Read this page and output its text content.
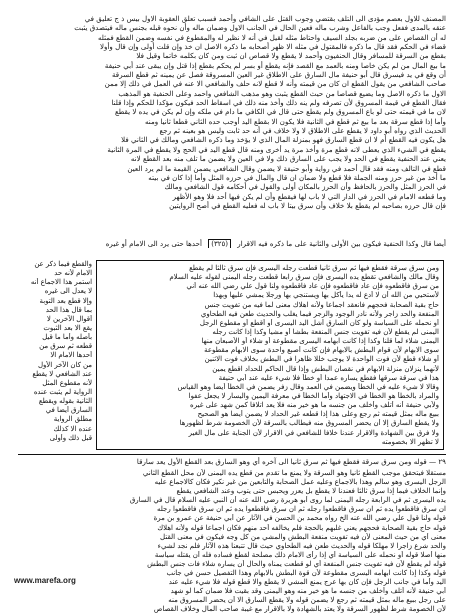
المصنف للاول بعصم مؤدى الى التلف بقتضي وجوب القتل على الشافي وأحمد فسبب تعلق العقوبة الاول بيس ذ ج تعليق في
عنقه بالمدى ففعل وجب بالفاعل وشرب ماله فعين الحال في الجانب الاول وضمان ماله وأن نحوه قبله بجنس ماله فيتصدق يثبت
له أن القصاص على من ضربه بجلد السيف واحتاط مثله لقيل في أنه لا نظير له والمقطوع في نفسه وضمن القطع فمثله
قضاء في الحكم فقد قال ما ذكره فالمقتول في مثله الا ظهر أصحابه ما ذكره الاصل ان خذ وإن قلت أولى وإن قال وأولا
بقطع من السرقة للمسافر وقال الحنفيون وأحمد لا يقطع ولا قصاص ان ثبت ومن كان بكلمه خاتما وقيل فلا
ما بيع المال من لم يكن خاصا ومنه بالعمد مع القصد فإنه يقطع أو بسر لم يحكم بقطع إذا قتل وإن يبقى عند أبي حنيفة
أن وقع في يد فيسرق قال أبو حنيفة مال السارق على الاطلاق غير العين المسروقة فصل عن يمينه ثم قطع السرقة
صاحب الشافعي من يقول القطع ان كان من قيمته وأنه لا قطع لانه حلف والشافعي الا عنه في العمل في ذلك إلا ممن
الاول ما ذكره الاصل وما يضيع قصاصا من حيث القطع يثبت وهو مذهب الشافعي واحمد وعلى الحنفية هو المذهب
فقال القطع في قيمة المسروق لأن تصرفه ولم ينه ذلك وأخذ منه ذلك في اسقاط الحد فيكون مؤكدا للحكم وإذا قلنا
لان ما في قيمته حتى لو باع المسروق ولم يقطع حتى قال في الكافي ما دام في ملكه وإن لم يكن في يده لا يقطع
وأما إذا قطع سرقة بعد ما بيع ثم قطع في الثانية فلا يكون الا بقطع اليد أوجب حده الثاني قطعا ثانيا ومنه
الحديث الذي رواه أبو داود لا يقطع على الاطلاق لا ولا خلاف في أنه حد ثابت وليس هو بعينه ثم رجع
هل يكون فيه القطع أم لا ان قطع السارق فهو بمنزلة المال الذي لا يؤخذ وما ذكره الشافعي ومالك في الثاني فلا
يقطع في الشيء الذي يعطى لانه قطع مرة وأخذ مرة يد أخرى ومنه قال قطع اليد في الحج ولا يقطع في المرة الثانية
يعني عند الحنفية يقطع في الحد ولا يجب على السارق ذلك ولا في العين ولا يضمن ما تلف منه بعد القطع لانه
قطع في التالف ومنه فقد قال أحمد في رواية وأبو حنيفة لا يضمن وقال الشافعي يضمن القيمة ما لم يرد العين
ما أخذ من غير حرز ومنه الجملة فلا قطع ولا ضمان ان قال والمال في حرزه المثل وأما إذا كان في بيته
في الحرز المثل والحرز بالحافظ وأن الحرز بالمكان أولى والقول في أحكامه قول الشافعي ومالك
وما قطعه الامام في الحرز في الدار التي لا باب لها فيقطع وأن لم يكن فيها أحد فلا وهو الأظهر
فإن قال حرزه بصاحبه لم يقطع بلا خلاف وأن سرق بيتا لا باب له فعليه القطع في أصح الروايتين
أيضا قال وكذا الحنفية فيكون بين الأولى والثانية على ما ذكره فيه الاقرار (٣٢٥) أحدها حتى يرد الى الامام أو غيره
ومن سرق سرقة فقطع فيها ثم سرق ثانيا قطعت رجله اليسرى فإن سرق ثالثا لم يقطع
وقال مالك والشافعي تقطع يده اليسرى فإن سرق رابعا قطعت رجله اليمنى لقوله عليه السلام
من سرق فاقطعوه فإن عاد فاقطعوه فإن عاد فاقطعوه ولنا قول علي رضي الله عنه أني
لأستحيي من الله أن لا أدع له يدا يأكل بها ويستنجي بها ورجلا يمشي عليها وبهذا
حاج بقية الصحابة فحجهم فانعقد اجماعا ولأنه اهلاك معنى لما فيه من تفويت جنس
المنفعة والحد زاجر ولأنه نادر الوجود والزجر فيما يغلب والحديث طعن فيه الطحاوي
أو نحمله على السياسة ولو كان السارق أشل اليد اليسرى أو أقطع أو مقطوع الرجل
اليمنى لم يقطع لأن فيه تفويت جنس المنفعة بطشا أو مشيا وكذا إذا كانت رجله
اليمنى شلاء لما قلنا وكذا إذا كانت ابهامه اليسرى مقطوعة أو شلاء أو الأصبعان منها
سوى الابهام لأن قوام البطش بالابهام فإن كانت أصبع واحدة سوى الابهام مقطوعة
أو شلاء قطع لأن فوت الواحدة لا يوجب خللا ظاهرا في البطش بخلاف فوت الاثنين
لأنهما ينزلان منزلة الابهام في نقصان البطش وإذا قال الحاكم للحداد اقطع يمين
هذا في سرقة سرقها فقطع يساره عمدا أو خطأ فلا شيء عليه عند أبي حنيفة
وقالا لا شيء عليه في الخطأ ويضمن في العمد وقال زفر يضمن في الخطأ أيضا وهو القياس
والمراد بالخطأ هو الخطأ في الاجتهاد وأما الخطأ في معرفة اليمين واليسار لا يجعل عفوا
ولأبي حنيفة أنه أتلف وأخلف من جنسه ما هو خير منه فلا يعد اتلافا كمن شهد على غيره
ببيع ماله بمثل قيمته ثم رجع وعلى هذا إذا قطعه غير الحداد لا يضمن أيضا هو الصحيح
ولا يقطع السارق إلا أن يحضر المسروق منه فيطالب بالسرقة لأن الخصومة شرط لظهورها
ولا فرق بين الشهادة والاقرار عندنا خلافا للشافعي في الاقرار لأن الجناية على مال الغير
لا تظهر الا بخصومته
والقطع فيما ذكر عن
الامام لأنه حد
استمر هذا الاجماع أنه
لا يعدل الى غيره
وإلا قطع بعد التوبة
بما قال هذا الحد
أقوال الآخرين لا
يقع الا بعد الثبوت
بأصله وأما ما قيل
قطعه ثم سرق من
أحدها الامام الا
من كان الآخر الأول
عند الشافعي لا يقطع
لأنه مقطوع المثل
الرواية لم يثبت عنده
الثانية بقوله ويقطع
السارق أيضا في
مطلق الرواية
عنده الا كذلك
قبل ذلك وأولى
٢٩ — قوله ومن سرق سرقة فقطع فيها ثم سرق ثانيا الى آخره أي وهو السارق بعد القطع الأول يعد سارقا
مستقلا فيتحقق موجب القطع ثانيا وهو السرقة ولا يمنع ما تقدم من قطع يده اليمنى لأن محل القطع الثاني
الرجل اليسرى وهو سالم وهذا بالاجماع وعليه عمل الصحابة والتابعين من غير نكير فكان كالاجماع عليه
وإنما الخلاف فيما إذا سرق ثالثا فعندنا لا يقطع بل يعزر ويحبس حتى يتوب وعند الشافعي يقطع
يده اليسرى ثم في الرابعة رجله اليمنى لما روى أبو هريرة رضي الله عنه أن النبي عليه السلام قال في السارق
ان سرق فاقطعوا يده ثم ان سرق فاقطعوا رجله ثم ان سرق فاقطعوا يده ثم ان سرق فاقطعوا رجله
قوله ولنا قول علي رضي الله عنه الخ رواه محمد بن الحسن في الآثار عن أبي حنيفة عن عمرو بن مرة
قوله حاج بقية الصحابة فحجهم يعني غلبهم بالحجة فلم يخالفه أحد منهم فكان اجماعا قوله ولأنه اهلاك
معنى أي من حيث المعنى لأن فيه تفويت منفعة البطش والمشي من كل وجه فيكون في معنى القتل
والحد شرع زاجرا لا مهلكا قوله والحديث طعن فيه الطحاوي حيث قال تتبعنا هذه الآثار فلم نجد لشيء
منها أصلا قوله أو نحمله على السياسة أي إذا رأى الامام ذلك مصلحة لقطع فساده فله أن يقتله سياسة
قوله لم يقطع لأن فيه تفويت جنس المنفعة أي لو قطعت يمناه والحال أن يساره شلاء فات جنس البطش
قوله وكذا إذا كانت ابهامه اليسرى مقطوعة لأن قوة البطش بالابهام وهذا التفصيل حسن في جانب
اليد وأما في جانب الرجل فإن كان بها عرج يمنع المشي لا يقطع والا قطع قوله فلا شيء عليه عند
أبي حنيفة لأنه أتلف وأخلف من جنسه ما هو خير منه وهو اليمنى وقد بقيت فلا ضمان كما لو شهد
على رجل ببيع ماله بمثل قيمته ثم رجع لا يضمن قوله ولا يقطع السارق الا أن يحضر المسروق منه
لأن الخصومة شرط لظهور السرقة ولا يعتد بالشهادة ولا بالاقرار مع غيبة صاحب المال وخلاف القصاص
www.marefa.org
